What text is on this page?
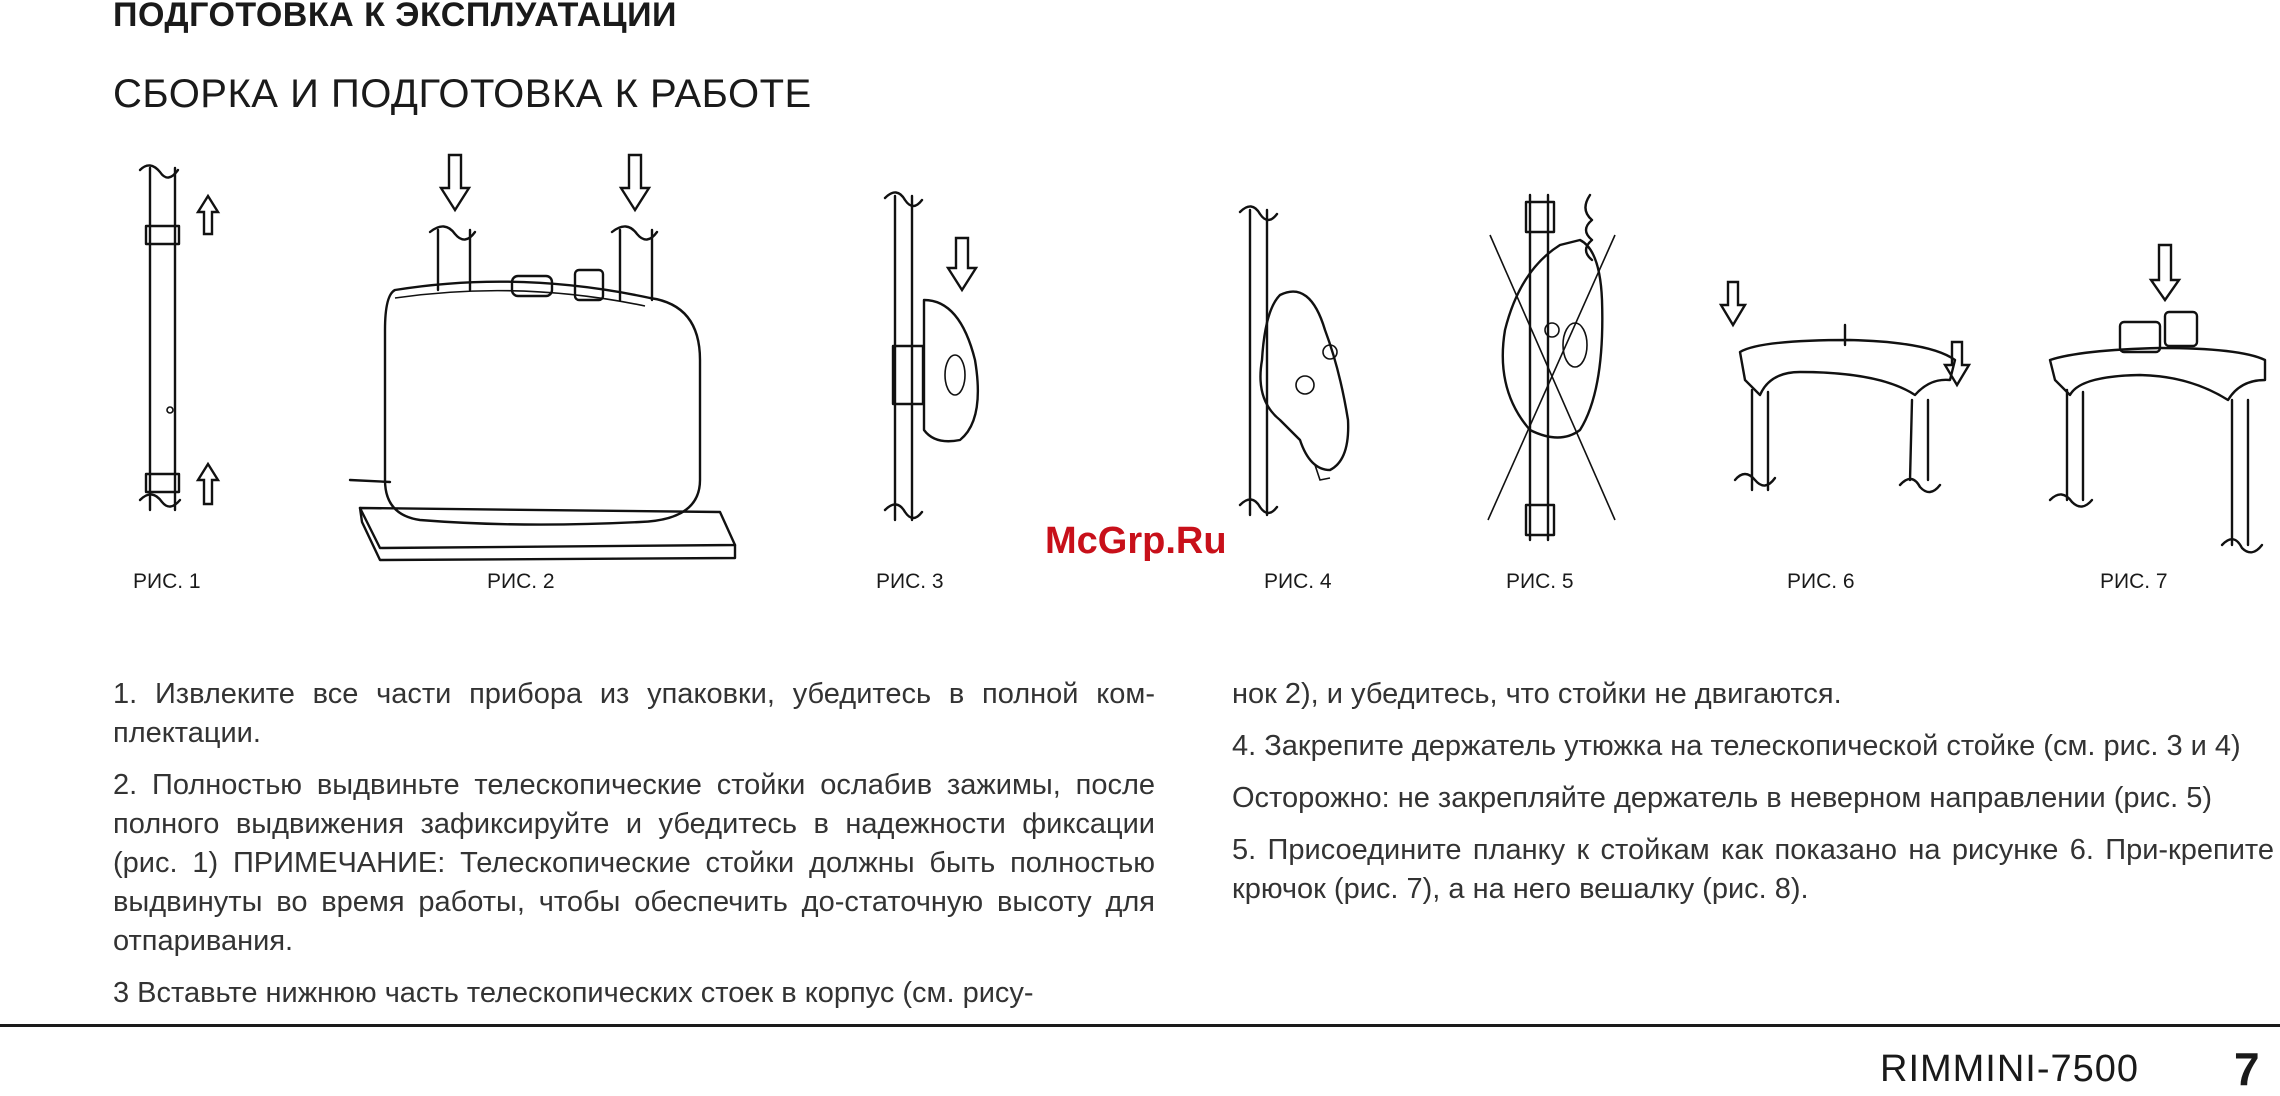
ПОДГОТОВКА К ЭКСПЛУАТАЦИИ
СБОРКА И ПОДГОТОВКА К РАБОТЕ
РИС. 1	РИС. 2	РИС. 3	РИС. 4	РИС. 5	РИС. 6	РИС. 7
McGrp.Ru

1. Извлеките все части прибора из упаковки, убедитесь в полной ком-плектации.

2. Полностью выдвиньте телескопические стойки ослабив зажимы, после полного выдвижения зафиксируйте и убедитесь в надежности фиксации (рис. 1) ПРИМЕЧАНИЕ: Телескопические стойки должны быть полностью выдвинуты во время работы, чтобы обеспечить до-статочную высоту для отпаривания.

3 Вставьте нижнюю часть телескопических стоек в корпус (см. рису-

нок 2), и убедитесь, что стойки не двигаются.

4. Закрепите держатель утюжка на телескопической стойке (см. рис. 3 и 4)

Осторожно: не закрепляйте держатель в неверном направлении (рис. 5)

5. Присоедините планку к стойкам как показано на рисунке 6. При-крепите крючок (рис. 7), а на него вешалку (рис. 8).

RIMMINI-7500 7
